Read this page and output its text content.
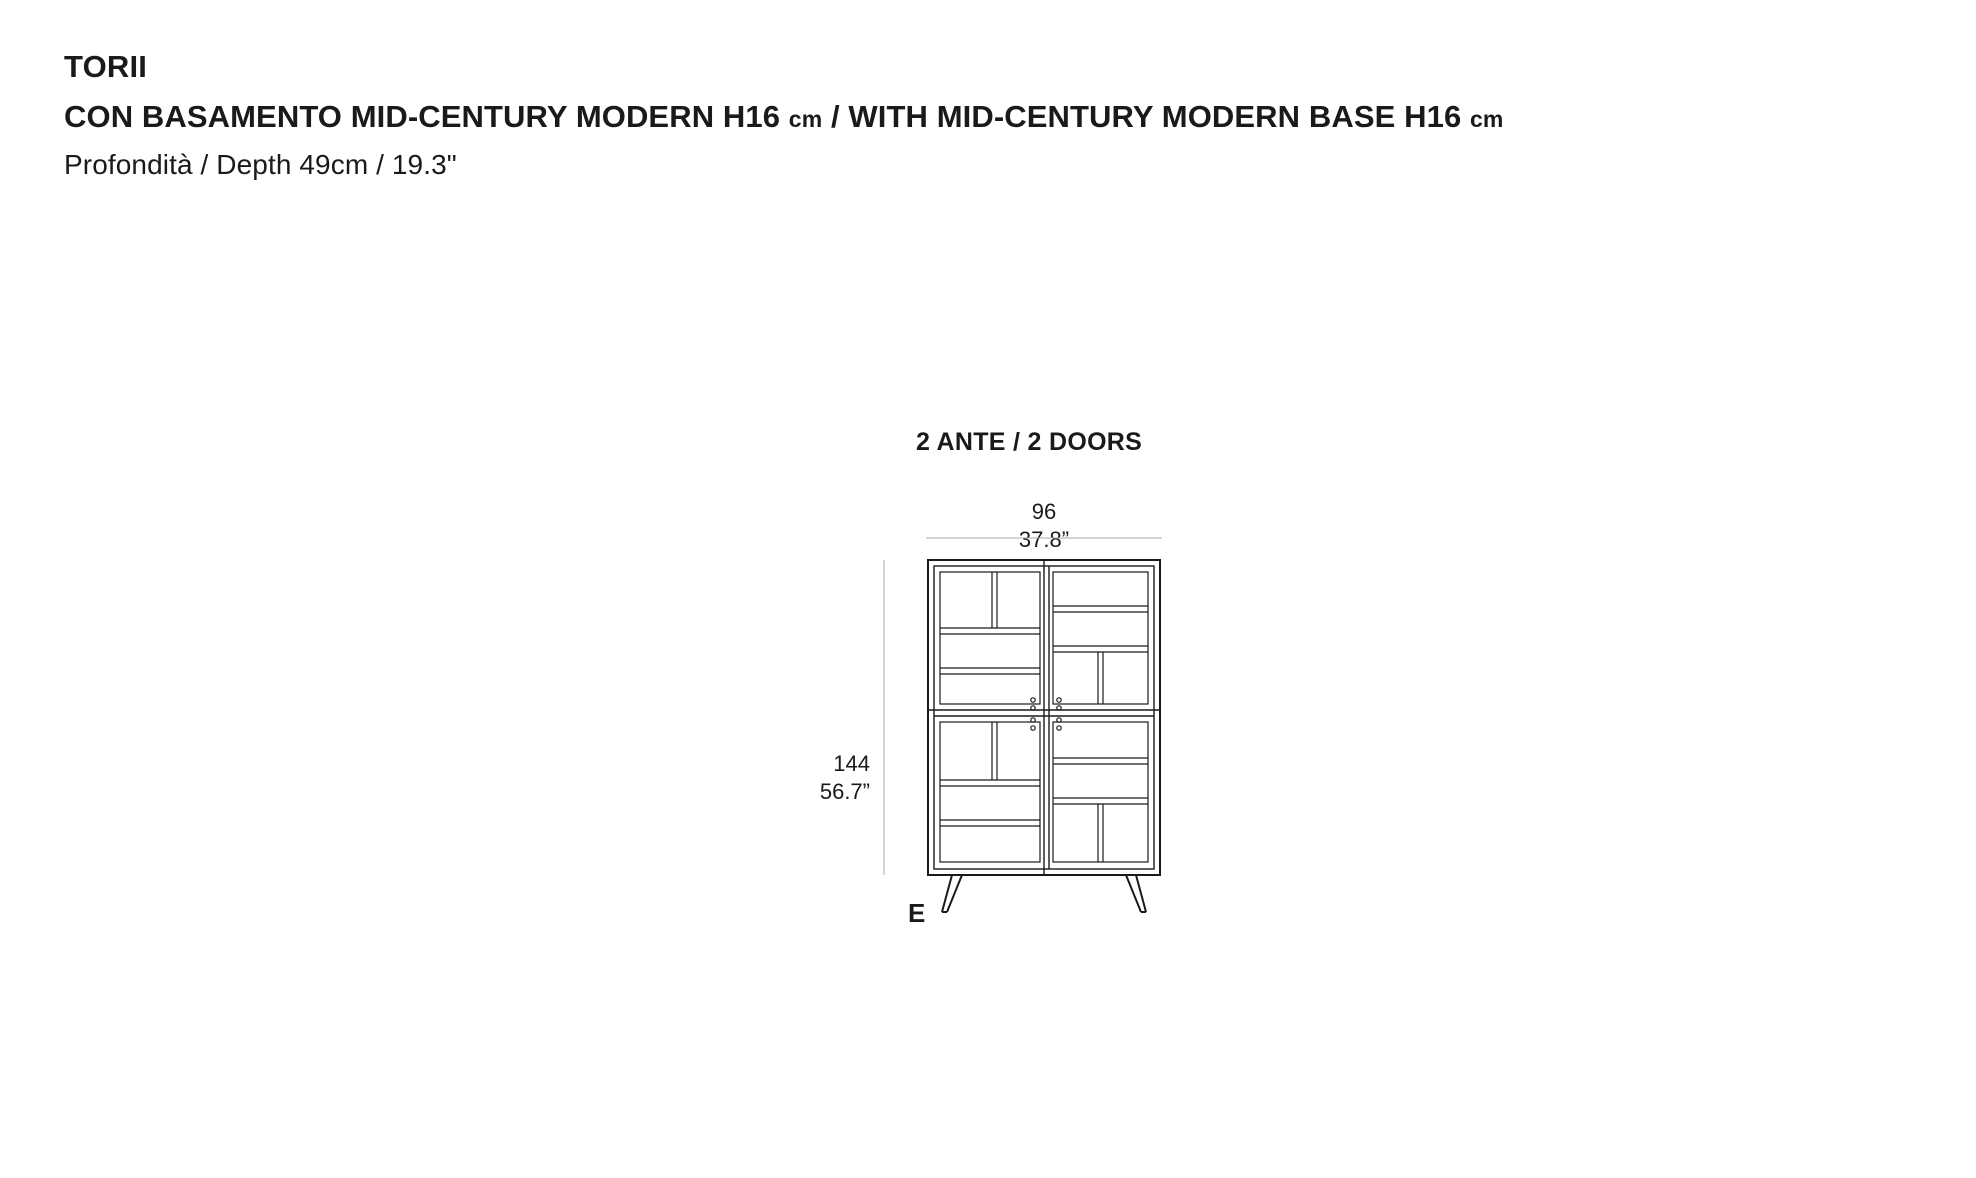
TORII
CON BASAMENTO MID-CENTURY MODERN H16 cm / WITH MID-CENTURY MODERN BASE H16 cm
Profondità / Depth 49cm / 19.3"
2 ANTE / 2 DOORS
96
37.8”
144
56.7”
E
